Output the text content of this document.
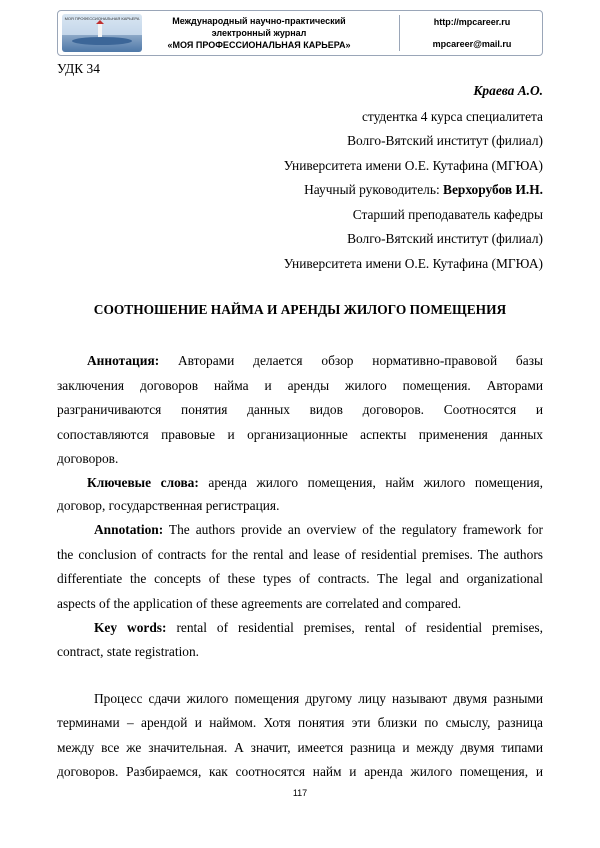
МОЯ ПРОФЕССИОНАЛЬНАЯ КАРЬЕРА	Международный научно-практический
электронный журнал
«МОЯ ПРОФЕССИОНАЛЬНАЯ КАРЬЕРА»
http://mpcareer.ru
mpcareer@mail.ru
УДК 34
Краева А.О.
студентка 4 курса специалитета
Волго-Вятский институт (филиал)
Университета имени О.Е. Кутафина (МГЮА)
Научный руководитель: Верхорубов И.Н.
Старший преподаватель кафедры
Волго-Вятский институт (филиал)
Университета имени О.Е. Кутафина (МГЮА)
СООТНОШЕНИЕ НАЙМА И АРЕНДЫ ЖИЛОГО ПОМЕЩЕНИЯ
Аннотация: Авторами делается обзор нормативно-правовой базы
заключения договоров найма и аренды жилого помещения. Авторами
разграничиваются понятия данных видов договоров. Соотносятся и
сопоставляются правовые и организационные аспекты применения данных
договоров.
Ключевые слова: аренда жилого помещения, найм жилого помещения,
договор, государственная регистрация.
Annotation: The authors provide an overview of the regulatory framework for
the conclusion of contracts for the rental and lease of residential premises. The authors
differentiate the concepts of these types of contracts. The legal and organizational
aspects of the application of these agreements are correlated and compared.
Key words: rental of residential premises, rental of residential premises,
contract, state registration.
Процесс сдачи жилого помещения другому лицу называют двумя разными
терминами – арендой и наймом. Хотя понятия эти близки по смыслу, разница
между все же значительная. А значит, имеется разница и между двумя типами
договоров. Разбираемся, как соотносятся найм и аренда жилого помещения, и
117
